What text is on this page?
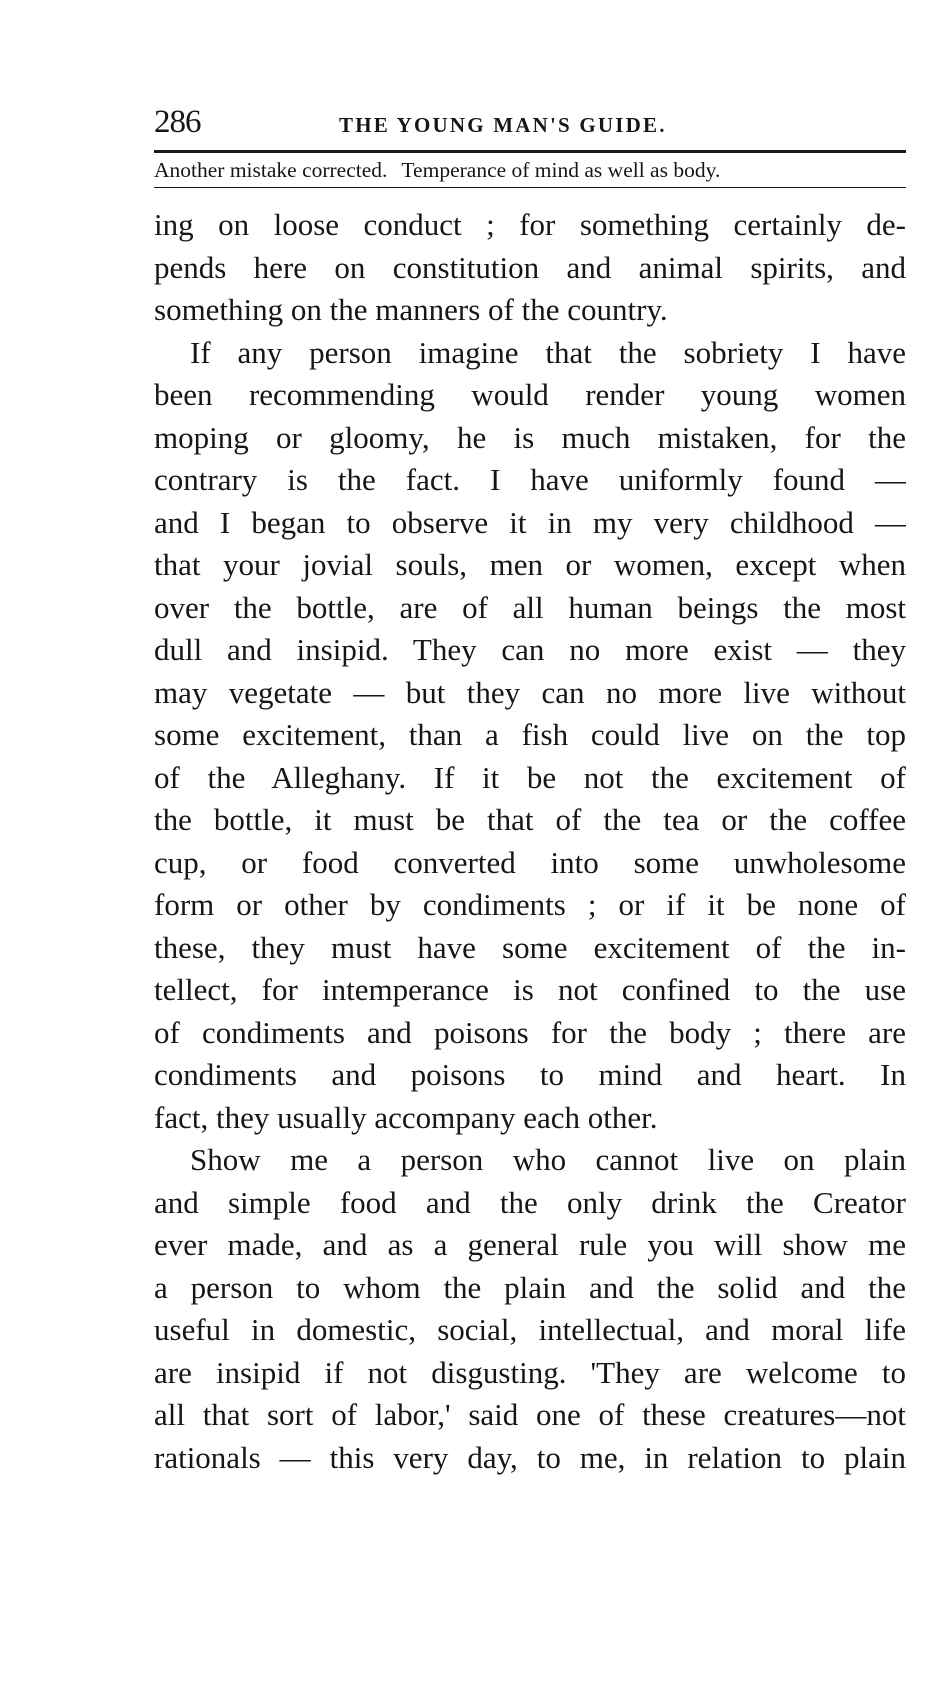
286	THE YOUNG MAN'S GUIDE.
Another mistake corrected. Temperance of mind as well as body.
ing on loose conduct ; for something certainly de-
pends here on constitution and animal spirits, and
something on the manners of the country.
If any person imagine that the sobriety I have
been recommending would render young women
moping or gloomy, he is much mistaken, for the
contrary is the fact. I have uniformly found —
and I began to observe it in my very childhood —
that your jovial souls, men or women, except when
over the bottle, are of all human beings the most
dull and insipid. They can no more exist — they
may vegetate — but they can no more live without
some excitement, than a fish could live on the top
of the Alleghany. If it be not the excitement of
the bottle, it must be that of the tea or the coffee
cup, or food converted into some unwholesome
form or other by condiments ; or if it be none of
these, they must have some excitement of the in-
tellect, for intemperance is not confined to the use
of condiments and poisons for the body ; there are
condiments and poisons to mind and heart. In
fact, they usually accompany each other.
Show me a person who cannot live on plain
and simple food and the only drink the Creator
ever made, and as a general rule you will show me
a person to whom the plain and the solid and the
useful in domestic, social, intellectual, and moral life
are insipid if not disgusting. 'They are welcome to
all that sort of labor,' said one of these creatures—not
rationals — this very day, to me, in relation to plain
